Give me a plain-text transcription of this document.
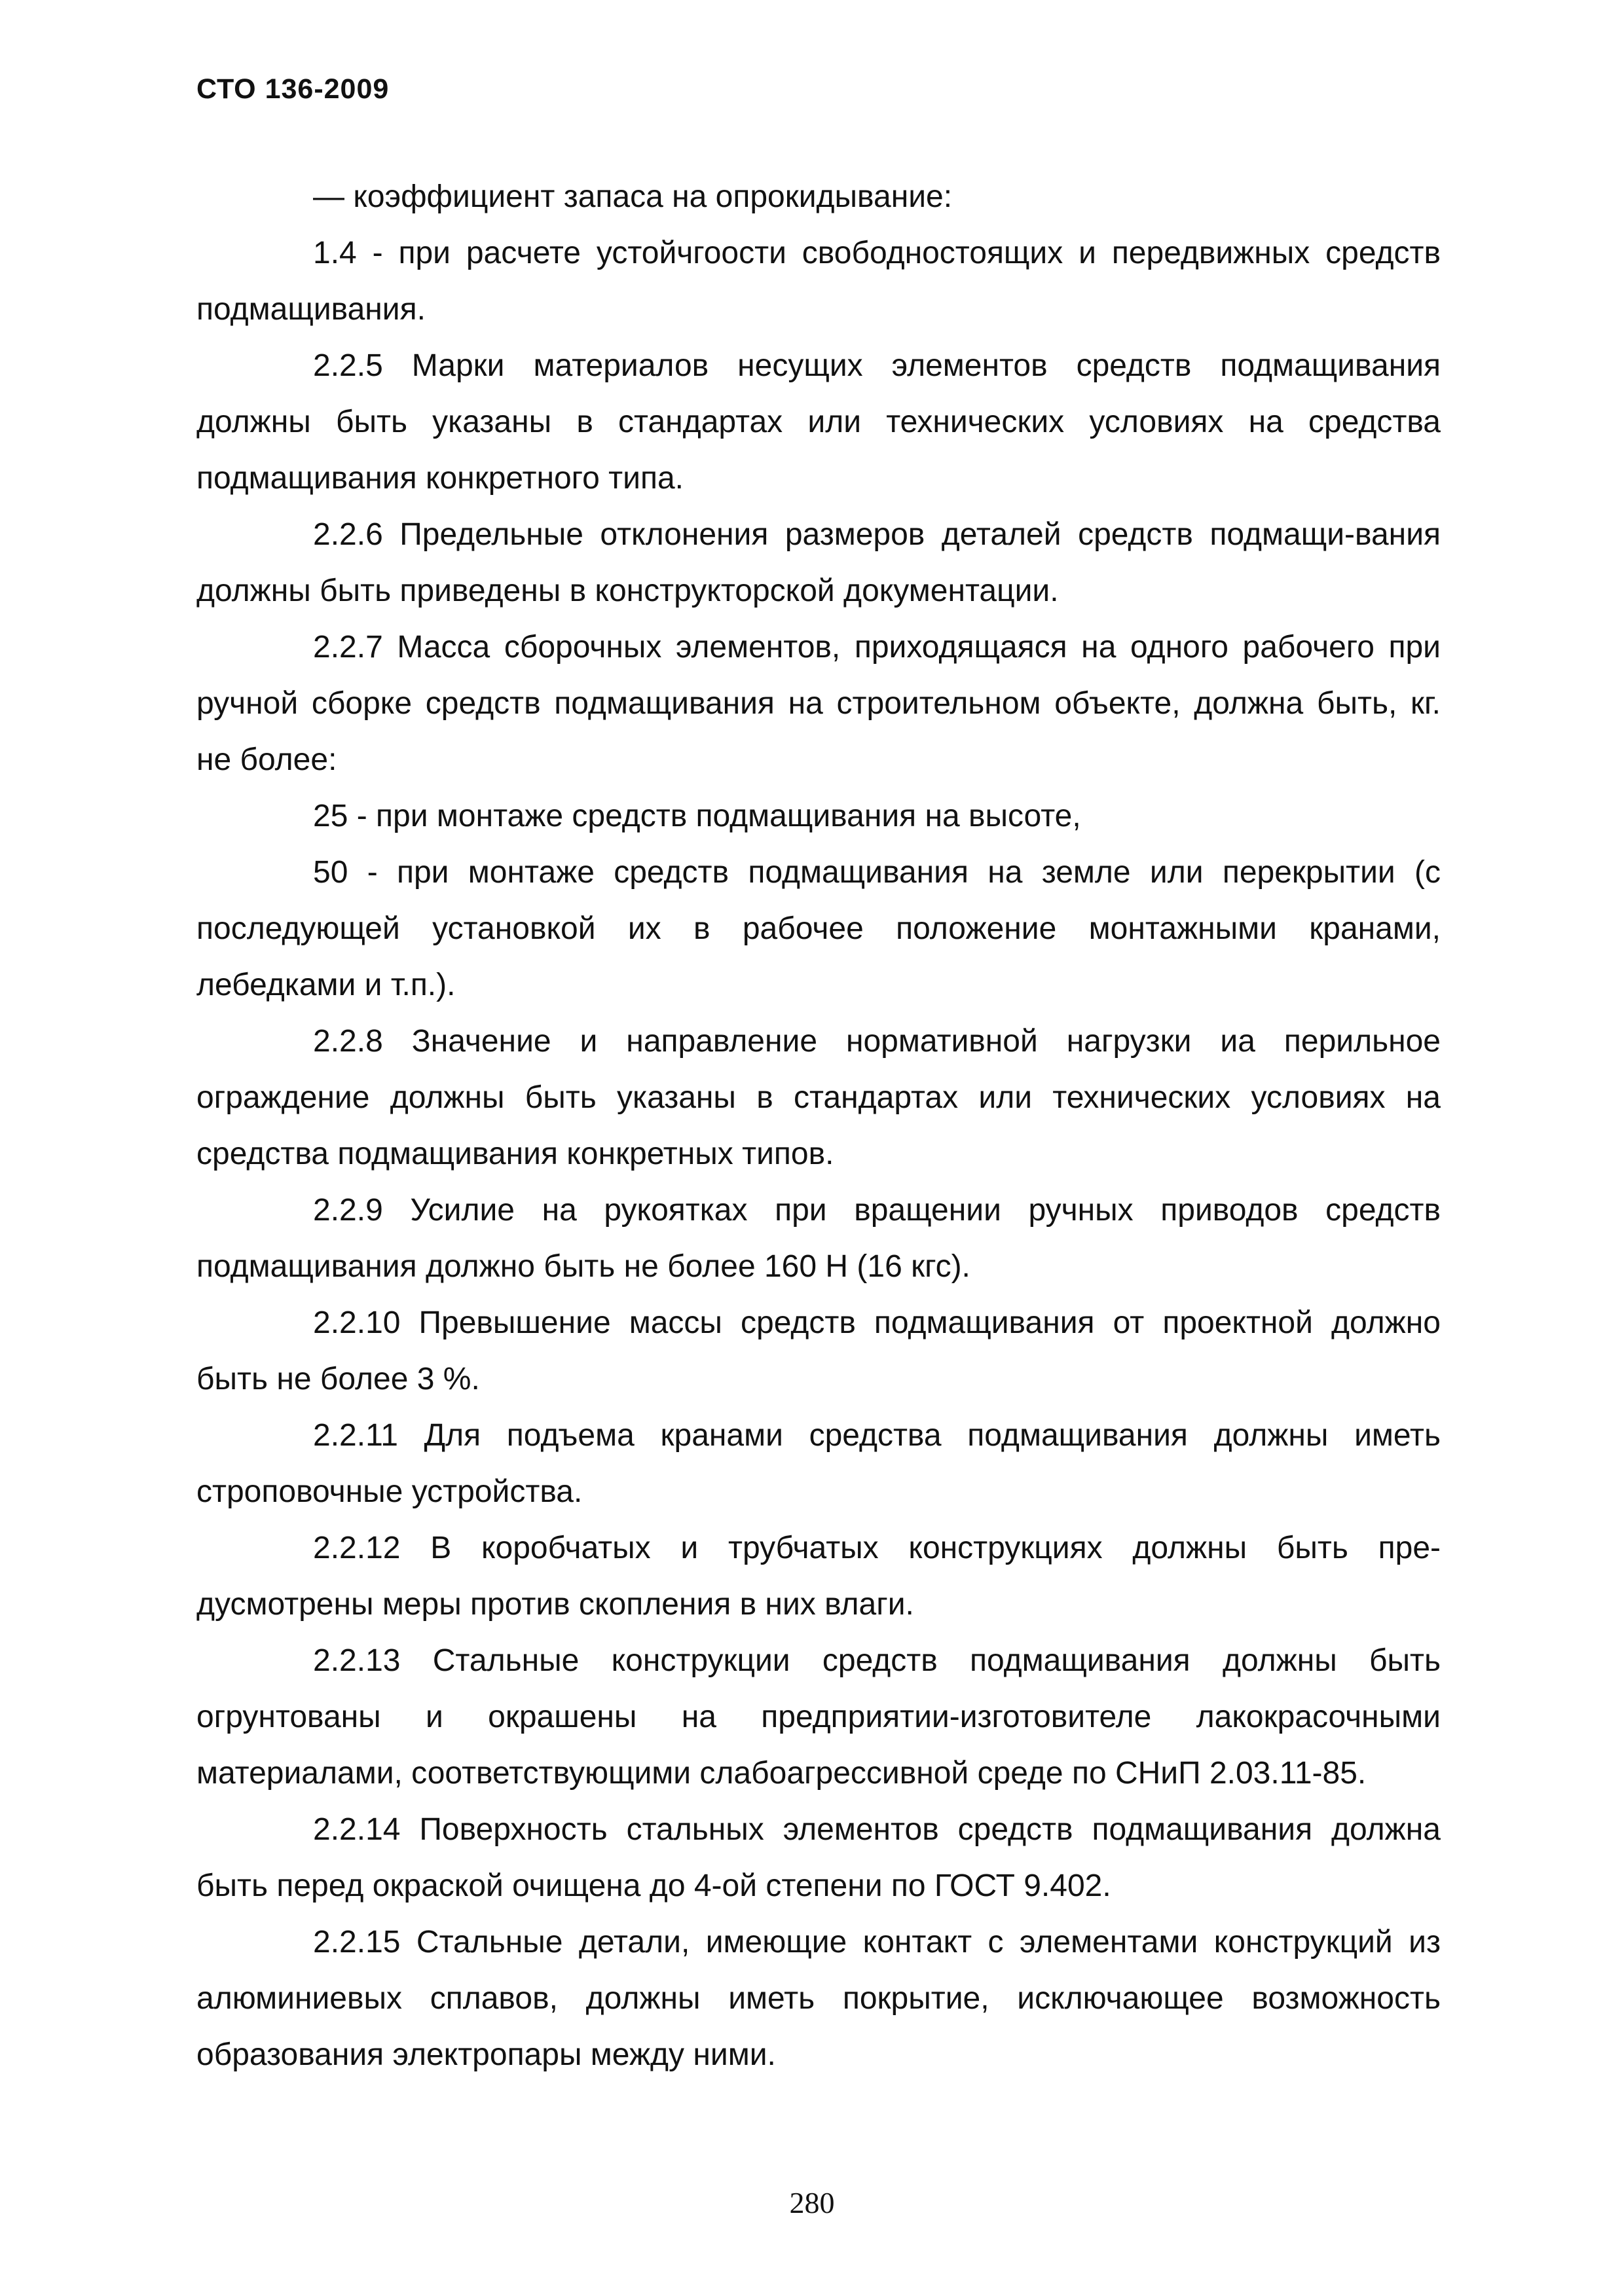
СТО 136-2009

— коэффициент запаса на опрокидывание:

1.4 - при расчете устойчгоости свободностоящих и передвижных средств подмащивания.

2.2.5 Марки материалов несущих элементов средств подмащивания должны быть указаны в стандартах или технических условиях на средства подмащивания конкретного типа.

2.2.6 Предельные отклонения размеров деталей средств подмащи-вания должны быть приведены в конструкторской документации.

2.2.7 Масса сборочных элементов, приходящаяся на одного рабочего при ручной сборке средств подмащивания на строительном объекте, должна быть, кг. не более:

25 - при монтаже средств подмащивания на высоте,

50 - при монтаже средств подмащивания на земле или перекрытии (с последующей установкой их в рабочее положение монтажными кранами, лебедками и т.п.).

2.2.8 Значение и направление нормативной нагрузки иа перильное ограждение должны быть указаны в стандартах или технических условиях на средства подмащивания конкретных типов.

2.2.9 Усилие на рукоятках при вращении ручных приводов средств подмащивания должно быть не более 160 Н (16 кгс).

2.2.10 Превышение массы средств подмащивания от проектной должно быть не более 3 %.

2.2.11 Для подъема кранами средства подмащивания должны иметь строповочные устройства.

2.2.12 В коробчатых и трубчатых конструкциях должны быть пре-дусмотрены меры против скопления в них влаги.

2.2.13 Стальные конструкции средств подмащивания должны быть огрунтованы и окрашены на предприятии-изготовителе лакокрасочными материалами, соответствующими слабоагрессивной среде по СНиП 2.03.11-85.

2.2.14 Поверхность стальных элементов средств подмащивания должна быть перед окраской очищена до 4-ой степени по ГОСТ 9.402.

2.2.15 Стальные детали, имеющие контакт с элементами конструкций из алюминиевых сплавов, должны иметь покрытие, исключающее возможность образования электропары между ними.

280
